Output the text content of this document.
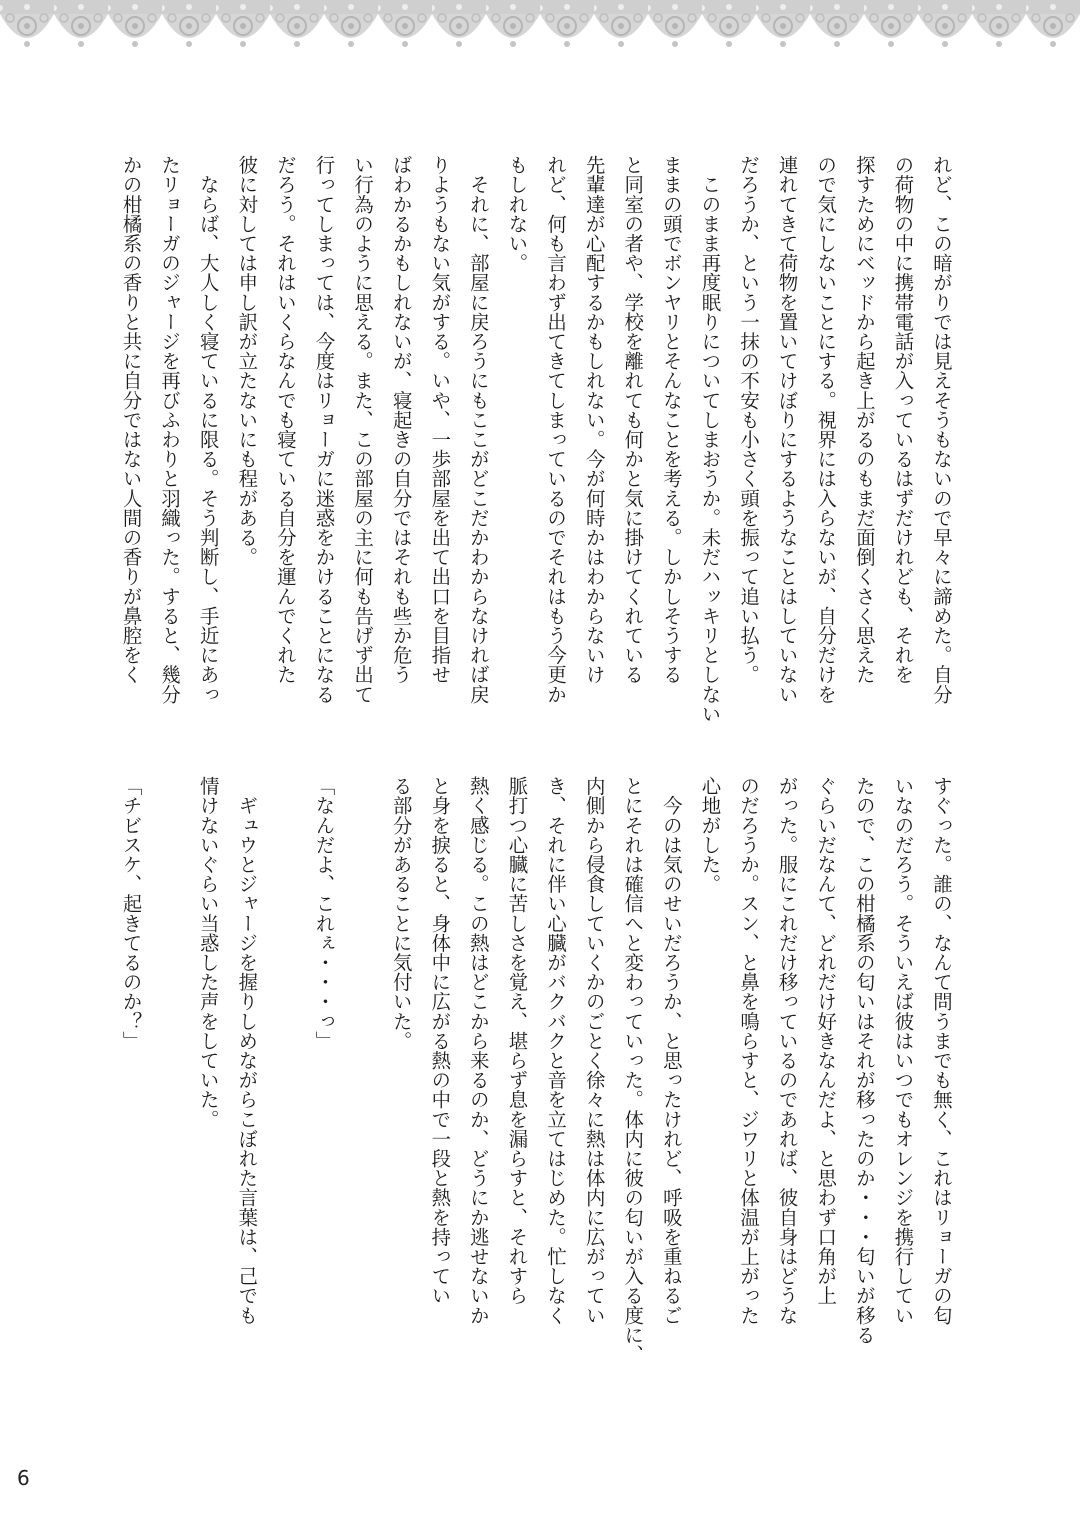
れど、この暗がりでは見えそうもないので早々に諦めた。自分
の荷物の中に携帯電話が入っているはずだけれども、それを
探すためにベッドから起き上がるのもまだ面倒くさく思えた
ので気にしないことにする。視界には入らないが、自分だけを
連れてきて荷物を置いてけぼりにするようなことはしていない
だろうか、という一抹の不安も小さく頭を振って追い払う。
　このまま再度眠りについてしまおうか。未だハッキリとしない
ままの頭でボンヤリとそんなことを考える。しかしそうする
と同室の者や、学校を離れても何かと気に掛けてくれている
先輩達が心配するかもしれない。今が何時かはわからないけ
れど、何も言わず出てきてしまっているのでそれはもう今更か
もしれない。
　それに、部屋に戻ろうにもここがどこだかわからなければ戻
りようもない気がする。いや、一歩部屋を出て出口を目指せ
ばわかるかもしれないが、寝起きの自分ではそれも些か危う
い行為のように思える。また、この部屋の主に何も告げず出て
行ってしまっては、今度はリョーガに迷惑をかけることになる
だろう。それはいくらなんでも寝ている自分を運んでくれた
彼に対しては申し訳が立たないにも程がある。
　ならば、大人しく寝ているに限る。そう判断し、手近にあっ
たリョーガのジャージを再びふわりと羽織った。すると、幾分
かの柑橘系の香りと共に自分ではない人間の香りが鼻腔をく
すぐった。誰の、なんて問うまでも無く、これはリョーガの匂
いなのだろう。そういえば彼はいつでもオレンジを携行してい
たので、この柑橘系の匂いはそれが移ったのか・・・匂いが移る
ぐらいだなんて、どれだけ好きなんだよ、と思わず口角が上
がった。服にこれだけ移っているのであれば、彼自身はどうな
のだろうか。スン、と鼻を鳴らすと、ジワリと体温が上がった
心地がした。
　今のは気のせいだろうか、と思ったけれど、呼吸を重ねるご
とにそれは確信へと変わっていった。体内に彼の匂いが入る度に、
内側から侵食していくかのごとく徐々に熱は体内に広がってい
き、それに伴い心臓がバクバクと音を立てはじめた。忙しなく
脈打つ心臓に苦しさを覚え、堪らず息を漏らすと、それすら
熱く感じる。この熱はどこから来るのか、どうにか逃せないか
と身を捩ると、身体中に広がる熱の中で一段と熱を持ってい
る部分があることに気付いた。
「なんだよ、これぇ・・・っ」
　ギュウとジャージを握りしめながらこぼれた言葉は、己でも
情けないぐらい当惑した声をしていた。
「チビスケ、起きてるのか？」
6
